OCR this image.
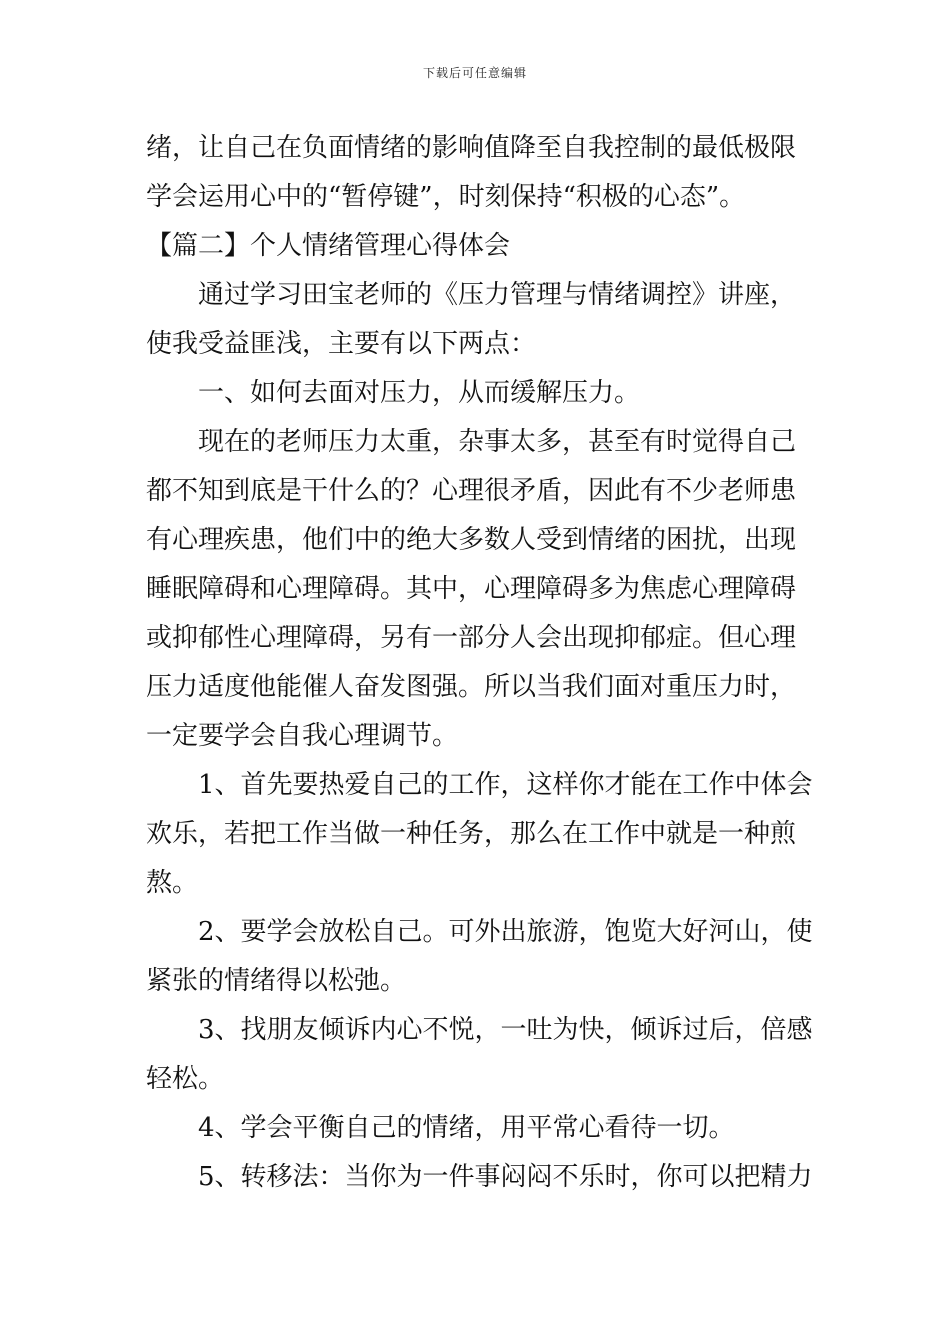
下载后可任意编辑
绪，让自己在负面情绪的影响值降至自我控制的最低极限
学会运用心中的“暂停键”，时刻保持“积极的心态”。
【篇二】个人情绪管理心得体会
通过学习田宝老师的《压力管理与情绪调控》讲座，
使我受益匪浅，主要有以下两点：
一、如何去面对压力，从而缓解压力。
现在的老师压力太重，杂事太多，甚至有时觉得自己
都不知到底是干什么的？心理很矛盾，因此有不少老师患
有心理疾患，他们中的绝大多数人受到情绪的困扰，出现
睡眠障碍和心理障碍。其中，心理障碍多为焦虑心理障碍
或抑郁性心理障碍，另有一部分人会出现抑郁症。但心理
压力适度他能催人奋发图强。所以当我们面对重压力时，
一定要学会自我心理调节。
1、首先要热爱自己的工作，这样你才能在工作中体会
欢乐，若把工作当做一种任务，那么在工作中就是一种煎
熬。
2、要学会放松自己。可外出旅游，饱览大好河山，使
紧张的情绪得以松弛。
3、找朋友倾诉内心不悦，一吐为快，倾诉过后，倍感
轻松。
4、学会平衡自己的情绪，用平常心看待一切。
5、转移法：当你为一件事闷闷不乐时，你可以把精力
